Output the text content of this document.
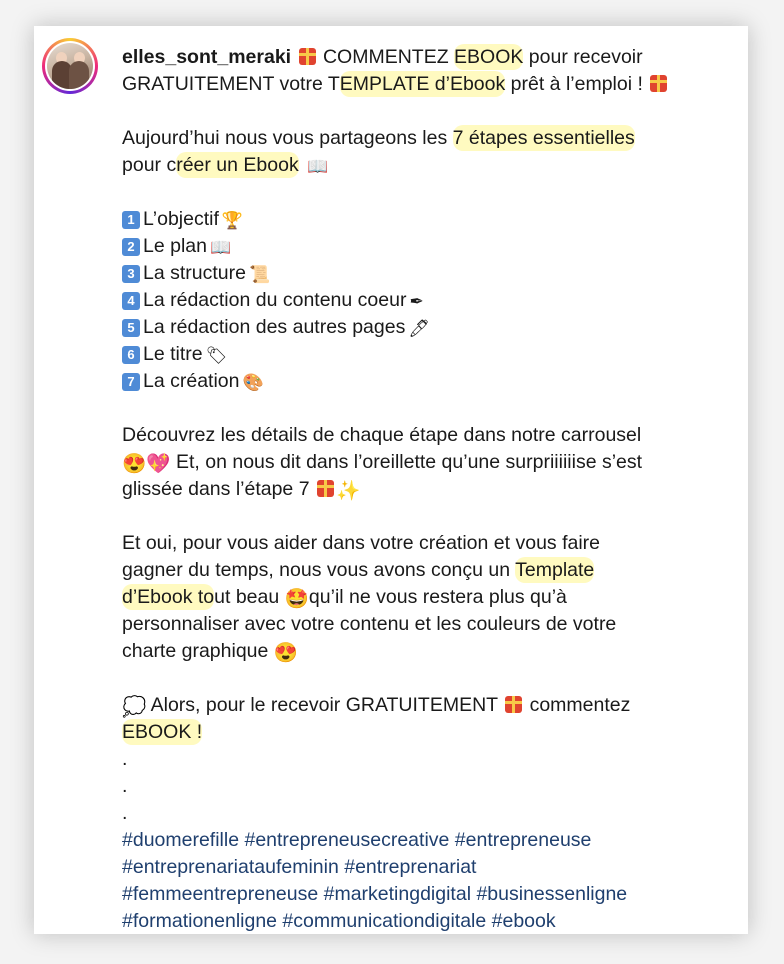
elles_sont_meraki COMMENTEZ EBOOK pour recevoir
GRATUITEMENT votre TEMPLATE d’Ebook prêt à l’emploi !
Aujourd’hui nous vous partageons les 7 étapes essentielles
pour créer un Ebook 📖
1 L’objectif 🏆
2 Le plan 📖
3 La structure 📜
4 La rédaction du contenu coeur ✒
5 La rédaction des autres pages 🖊
6 Le titre 🏷
7 La création 🎨
Découvrez les détails de chaque étape dans notre carrousel
😍💖 Et, on nous dit dans l’oreillette qu’une surpriiiiiise s’est
glissée dans l’étape 7 ✨
Et oui, pour vous aider dans votre création et vous faire
gagner du temps, nous vous avons conçu un Template
d’Ebook tout beau 🤩qu’il ne vous restera plus qu’à
personnaliser avec votre contenu et les couleurs de votre
charte graphique 😍
💭 Alors, pour le recevoir GRATUITEMENT  commentez
EBOOK !
.
.
.
#duomerefille #entrepreneusecreative #entrepreneuse
#entreprenariataufeminin #entreprenariat
#femmeentrepreneuse #marketingdigital #businessenligne
#formationenligne #communicationdigitale #ebook
